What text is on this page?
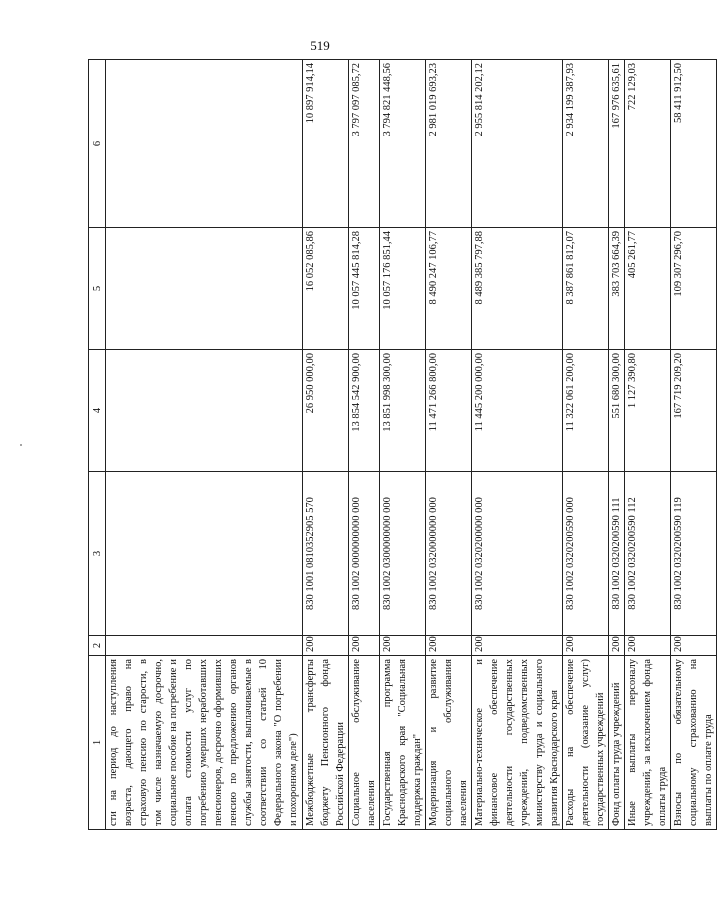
519
1	2	3	4	5	6
сти на период до наступления возраста, дающего право на страховую пенсию по старости, в том числе назначаемую досрочно, социальное пособие на погребение и оплата стоимости услуг по погребению умерших неработавших пенсионеров, досрочно оформивших пенсию по предложению органов службы занятости, выплачиваемые в соответствии со статьей 10 Федерального закона "О погребении и похоронном деле")					
Межбюджетные трансферты бюджету Пенсионного фонда Российской Федерации	200	830 1001 0810352905 570	26 950 000,00	16 052 085,86	10 897 914,14
Социальное обслуживание населения	200	830 1002 0000000000 000	13 854 542 900,00	10 057 445 814,28	3 797 097 085,72
Государственная программа Краснодарского края "Социальная поддержка граждан"	200	830 1002 0300000000 000	13 851 998 300,00	10 057 176 851,44	3 794 821 448,56
Модернизация и развитие социального обслуживания населения	200	830 1002 0320000000 000	11 471 266 800,00	8 490 247 106,77	2 981 019 693,23
Материально-техническое и финансовое обеспечение деятельности государственных учреждений, подведомственных министерству труда и социального развития Краснодарского края	200	830 1002 0320200000 000	11 445 200 000,00	8 489 385 797,88	2 955 814 202,12
Расходы на обеспечение деятельности (оказание услуг) государственных учреждений	200	830 1002 0320200590 000	11 322 061 200,00	8 387 861 812,07	2 934 199 387,93
Фонд оплаты труда учреждений	200	830 1002 0320200590 111	551 680 300,00	383 703 664,39	167 976 635,61
Иные выплаты персоналу учреждений, за исключением фонда оплаты труда	200	830 1002 0320200590 112	1 127 390,80	405 261,77	722 129,03
Взносы по обязательному социальному страхованию на выплаты по оплате труда	200	830 1002 0320200590 119	167 719 209,20	109 307 296,70	58 411 912,50
